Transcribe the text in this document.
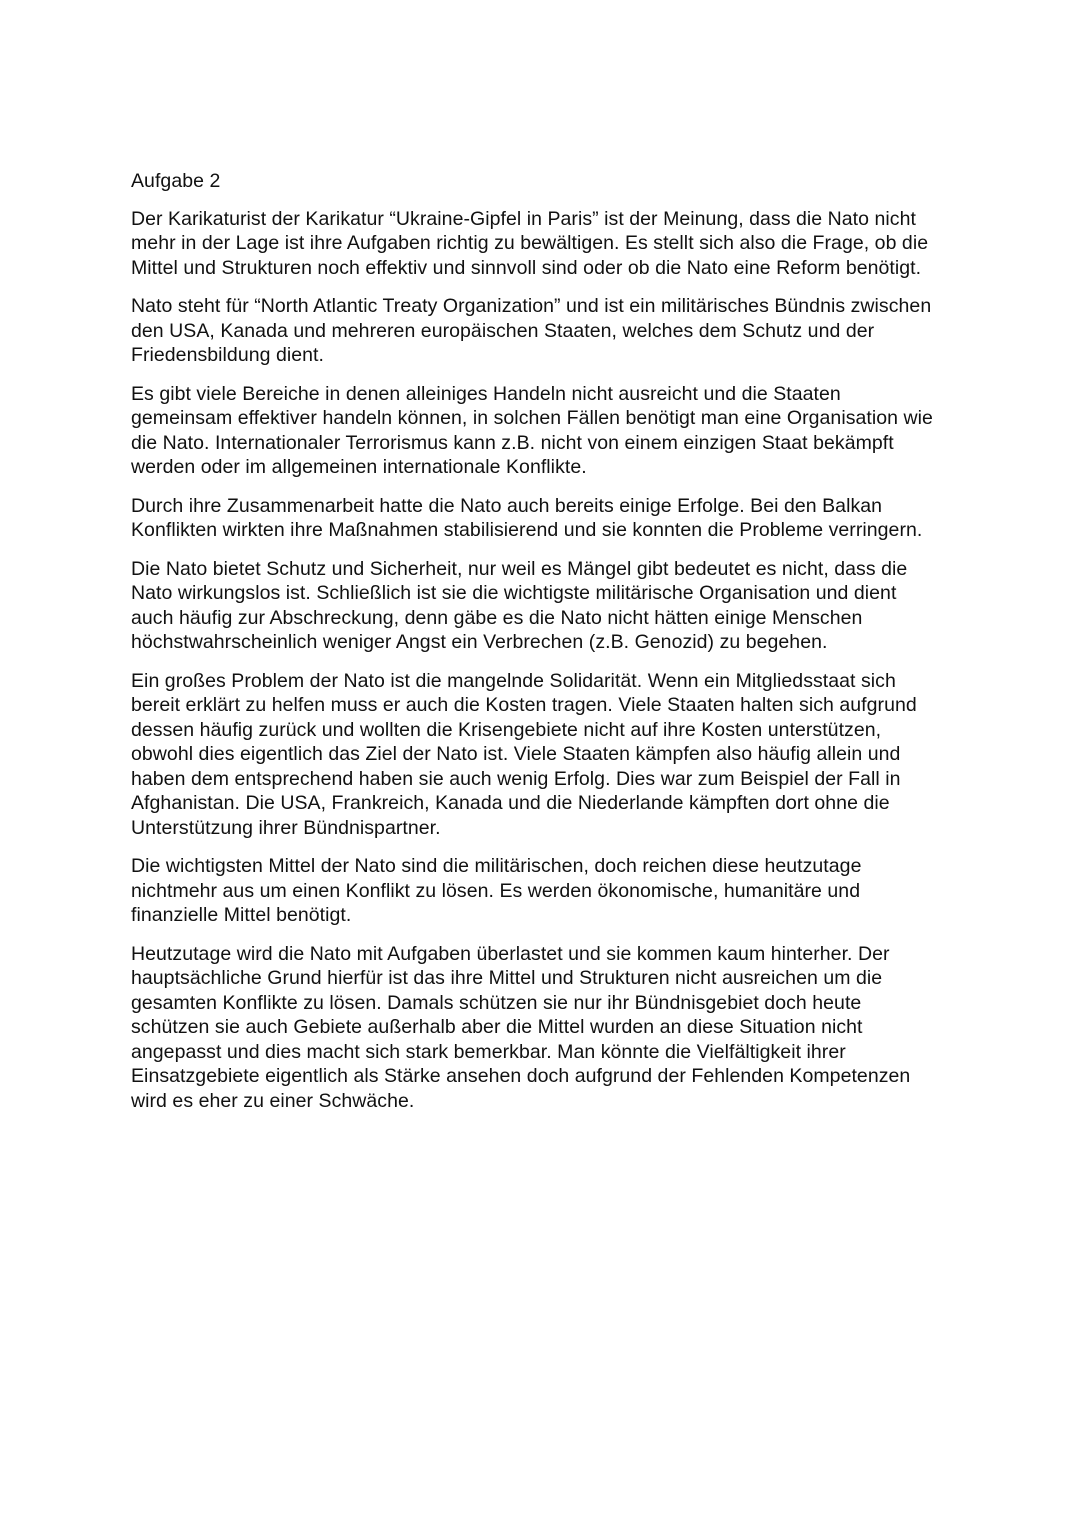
Aufgabe 2

Der Karikaturist der Karikatur “Ukraine-Gipfel in Paris” ist der Meinung, dass die Nato nicht
mehr in der Lage ist ihre Aufgaben richtig zu bewältigen. Es stellt sich also die Frage, ob die
Mittel und Strukturen noch effektiv und sinnvoll sind oder ob die Nato eine Reform benötigt.

Nato steht für “North Atlantic Treaty Organization” und ist ein militärisches Bündnis zwischen
den USA, Kanada und mehreren europäischen Staaten, welches dem Schutz und der
Friedensbildung dient.

Es gibt viele Bereiche in denen alleiniges Handeln nicht ausreicht und die Staaten
gemeinsam effektiver handeln können, in solchen Fällen benötigt man eine Organisation wie
die Nato. Internationaler Terrorismus kann z.B. nicht von einem einzigen Staat bekämpft
werden oder im allgemeinen internationale Konflikte.

Durch ihre Zusammenarbeit hatte die Nato auch bereits einige Erfolge. Bei den Balkan
Konflikten wirkten ihre Maßnahmen stabilisierend und sie konnten die Probleme verringern.

Die Nato bietet Schutz und Sicherheit, nur weil es Mängel gibt bedeutet es nicht, dass die
Nato wirkungslos ist. Schließlich ist sie die wichtigste militärische Organisation und dient
auch häufig zur Abschreckung, denn gäbe es die Nato nicht hätten einige Menschen
höchstwahrscheinlich weniger Angst ein Verbrechen (z.B. Genozid) zu begehen.

Ein großes Problem der Nato ist die mangelnde Solidarität. Wenn ein Mitgliedsstaat sich
bereit erklärt zu helfen muss er auch die Kosten tragen. Viele Staaten halten sich aufgrund
dessen häufig zurück und wollten die Krisengebiete nicht auf ihre Kosten unterstützen,
obwohl dies eigentlich das Ziel der Nato ist. Viele Staaten kämpfen also häufig allein und
haben dem entsprechend haben sie auch wenig Erfolg. Dies war zum Beispiel der Fall in
Afghanistan. Die USA, Frankreich, Kanada und die Niederlande kämpften dort ohne die
Unterstützung ihrer Bündnispartner.

Die wichtigsten Mittel der Nato sind die militärischen, doch reichen diese heutzutage
nichtmehr aus um einen Konflikt zu lösen. Es werden ökonomische, humanitäre und
finanzielle Mittel benötigt.

Heutzutage wird die Nato mit Aufgaben überlastet und sie kommen kaum hinterher. Der
hauptsächliche Grund hierfür ist das ihre Mittel und Strukturen nicht ausreichen um die
gesamten Konflikte zu lösen. Damals schützen sie nur ihr Bündnisgebiet doch heute
schützen sie auch Gebiete außerhalb aber die Mittel wurden an diese Situation nicht
angepasst und dies macht sich stark bemerkbar. Man könnte die Vielfältigkeit ihrer
Einsatzgebiete eigentlich als Stärke ansehen doch aufgrund der Fehlenden Kompetenzen
wird es eher zu einer Schwäche.
